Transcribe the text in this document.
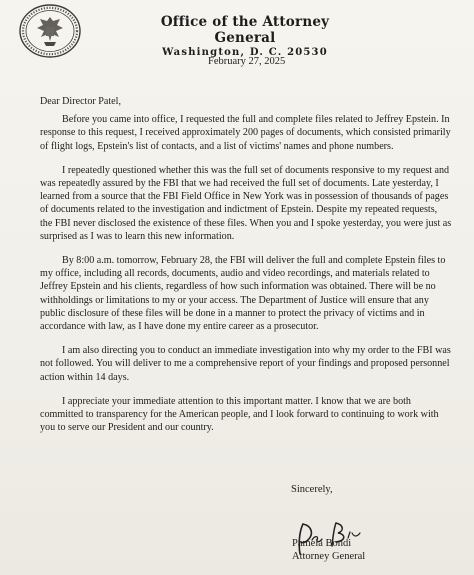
Office of the Attorney General
Washington, D. C. 20530
February 27, 2025

Dear Director Patel,

Before you came into office, I requested the full and complete files related to Jeffrey Epstein. In response to this request, I received approximately 200 pages of documents, which consisted primarily of flight logs, Epstein's list of contacts, and a list of victims' names and phone numbers.

I repeatedly questioned whether this was the full set of documents responsive to my request and was repeatedly assured by the FBI that we had received the full set of documents. Late yesterday, I learned from a source that the FBI Field Office in New York was in possession of thousands of pages of documents related to the investigation and indictment of Epstein. Despite my repeated requests, the FBI never disclosed the existence of these files. When you and I spoke yesterday, you were just as surprised as I was to learn this new information.

By 8:00 a.m. tomorrow, February 28, the FBI will deliver the full and complete Epstein files to my office, including all records, documents, audio and video recordings, and materials related to Jeffrey Epstein and his clients, regardless of how such information was obtained. There will be no withholdings or limitations to my or your access. The Department of Justice will ensure that any public disclosure of these files will be done in a manner to protect the privacy of victims and in accordance with law, as I have done my entire career as a prosecutor.

I am also directing you to conduct an immediate investigation into why my order to the FBI was not followed. You will deliver to me a comprehensive report of your findings and proposed personnel action within 14 days.

I appreciate your immediate attention to this important matter. I know that we are both committed to transparency for the American people, and I look forward to continuing to work with you to serve our President and our country.

Sincerely,
Pamela Bondi
Attorney General
